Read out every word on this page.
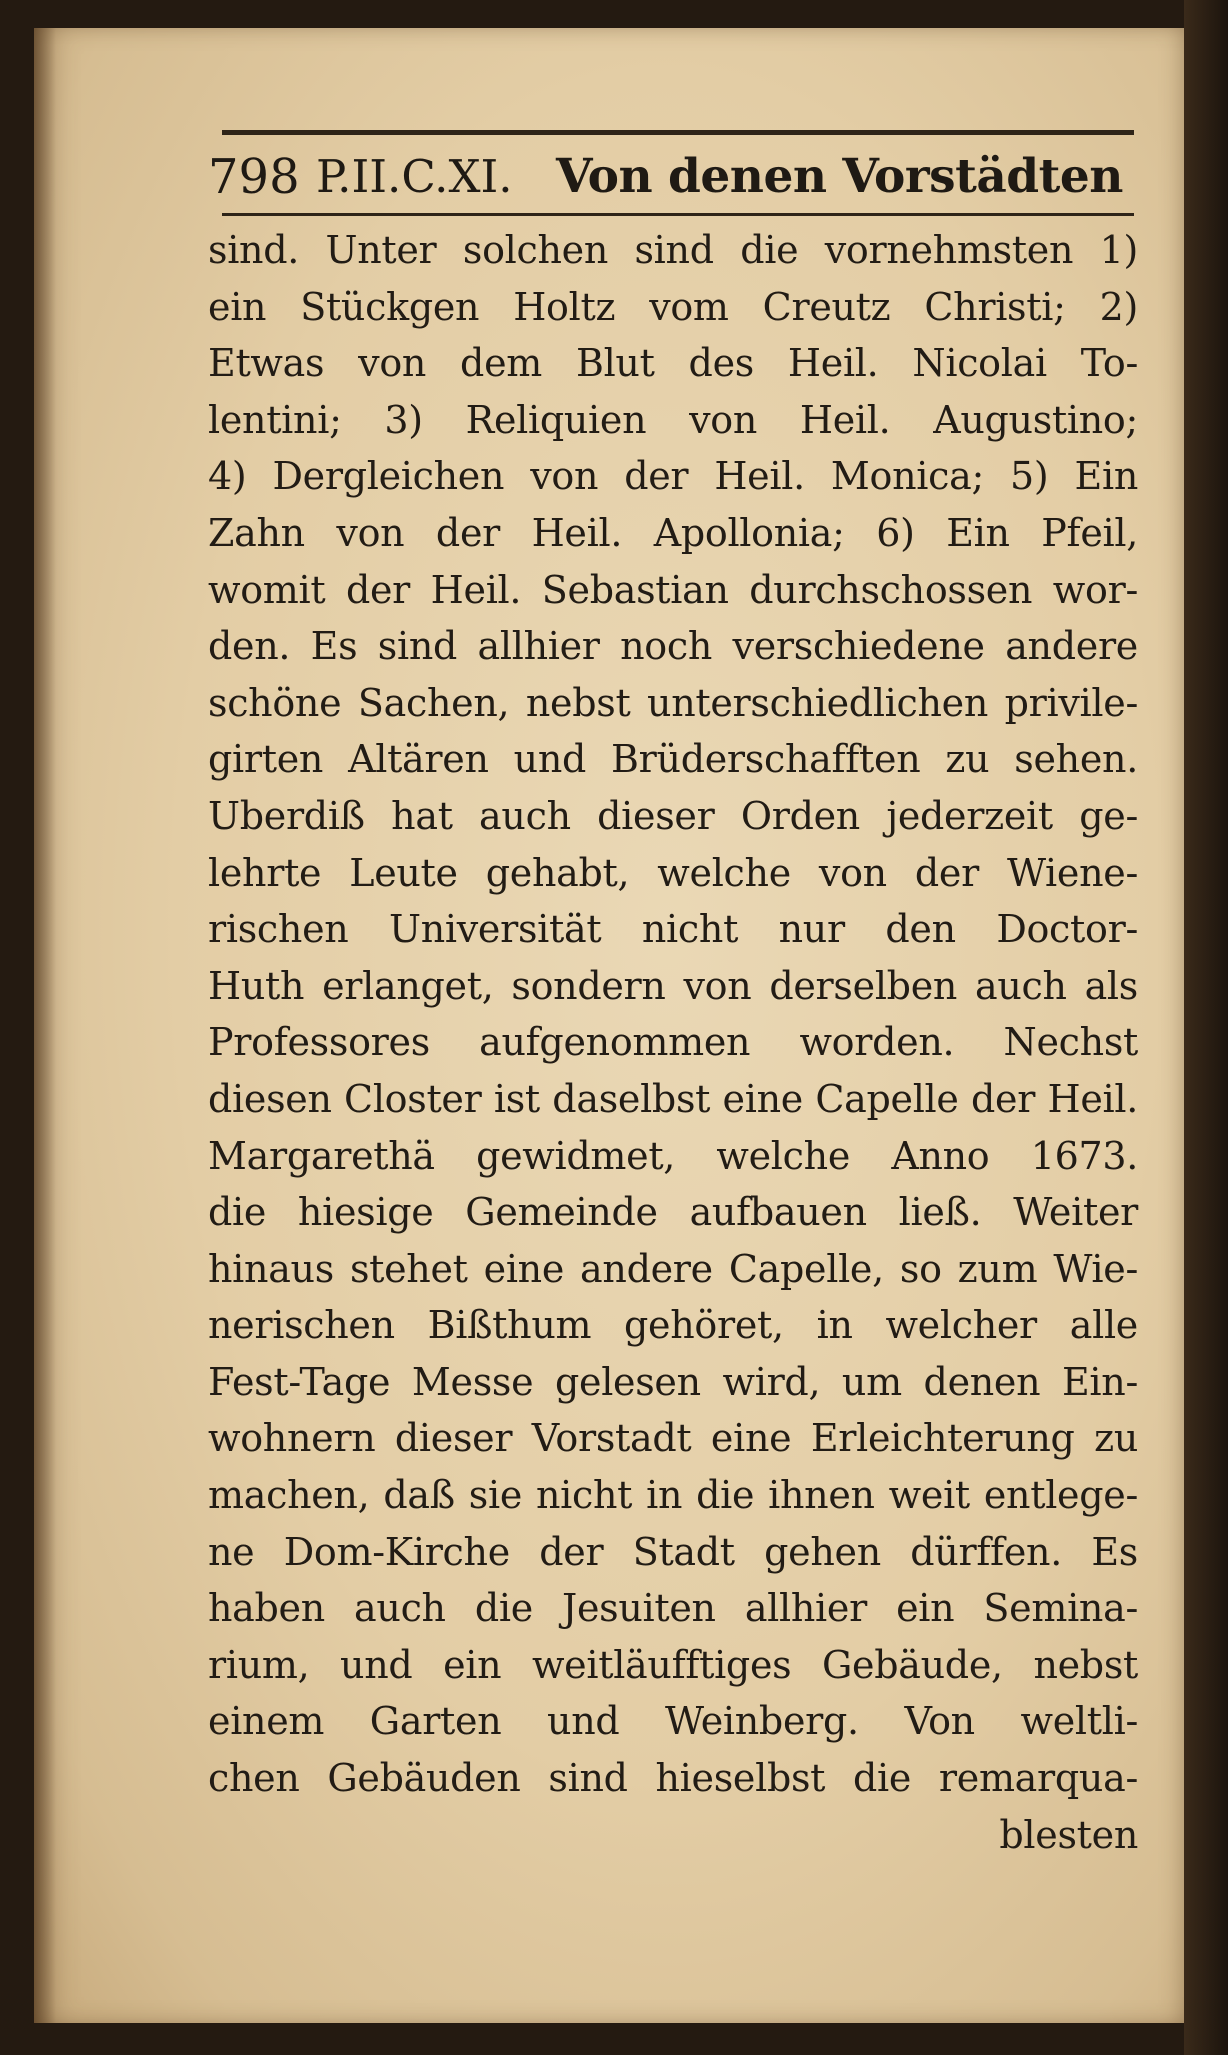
798 P.II.C.XI. Von denen Vorstädten
sind. Unter solchen sind die vornehmsten 1)
ein Stückgen Holtz vom Creutz Christi; 2)
Etwas von dem Blut des Heil. Nicolai To-
lentini; 3) Reliquien von Heil. Augustino;
4) Dergleichen von der Heil. Monica; 5) Ein
Zahn von der Heil. Apollonia; 6) Ein Pfeil,
womit der Heil. Sebastian durchschossen wor-
den. Es sind allhier noch verschiedene andere
schöne Sachen, nebst unterschiedlichen privile-
girten Altären und Brüderschafften zu sehen.
Uberdiß hat auch dieser Orden jederzeit ge-
lehrte Leute gehabt, welche von der Wiene-
rischen Universität nicht nur den Doctor-
Huth erlanget, sondern von derselben auch als
Professores aufgenommen worden. Nechst
diesen Closter ist daselbst eine Capelle der Heil.
Margarethä gewidmet, welche Anno 1673.
die hiesige Gemeinde aufbauen ließ. Weiter
hinaus stehet eine andere Capelle, so zum Wie-
nerischen Bißthum gehöret, in welcher alle
Fest-Tage Messe gelesen wird, um denen Ein-
wohnern dieser Vorstadt eine Erleichterung zu
machen, daß sie nicht in die ihnen weit entlege-
ne Dom-Kirche der Stadt gehen dürffen. Es
haben auch die Jesuiten allhier ein Semina-
rium, und ein weitläufftiges Gebäude, nebst
einem Garten und Weinberg. Von weltli-
chen Gebäuden sind hieselbst die remarqua-
blesten
